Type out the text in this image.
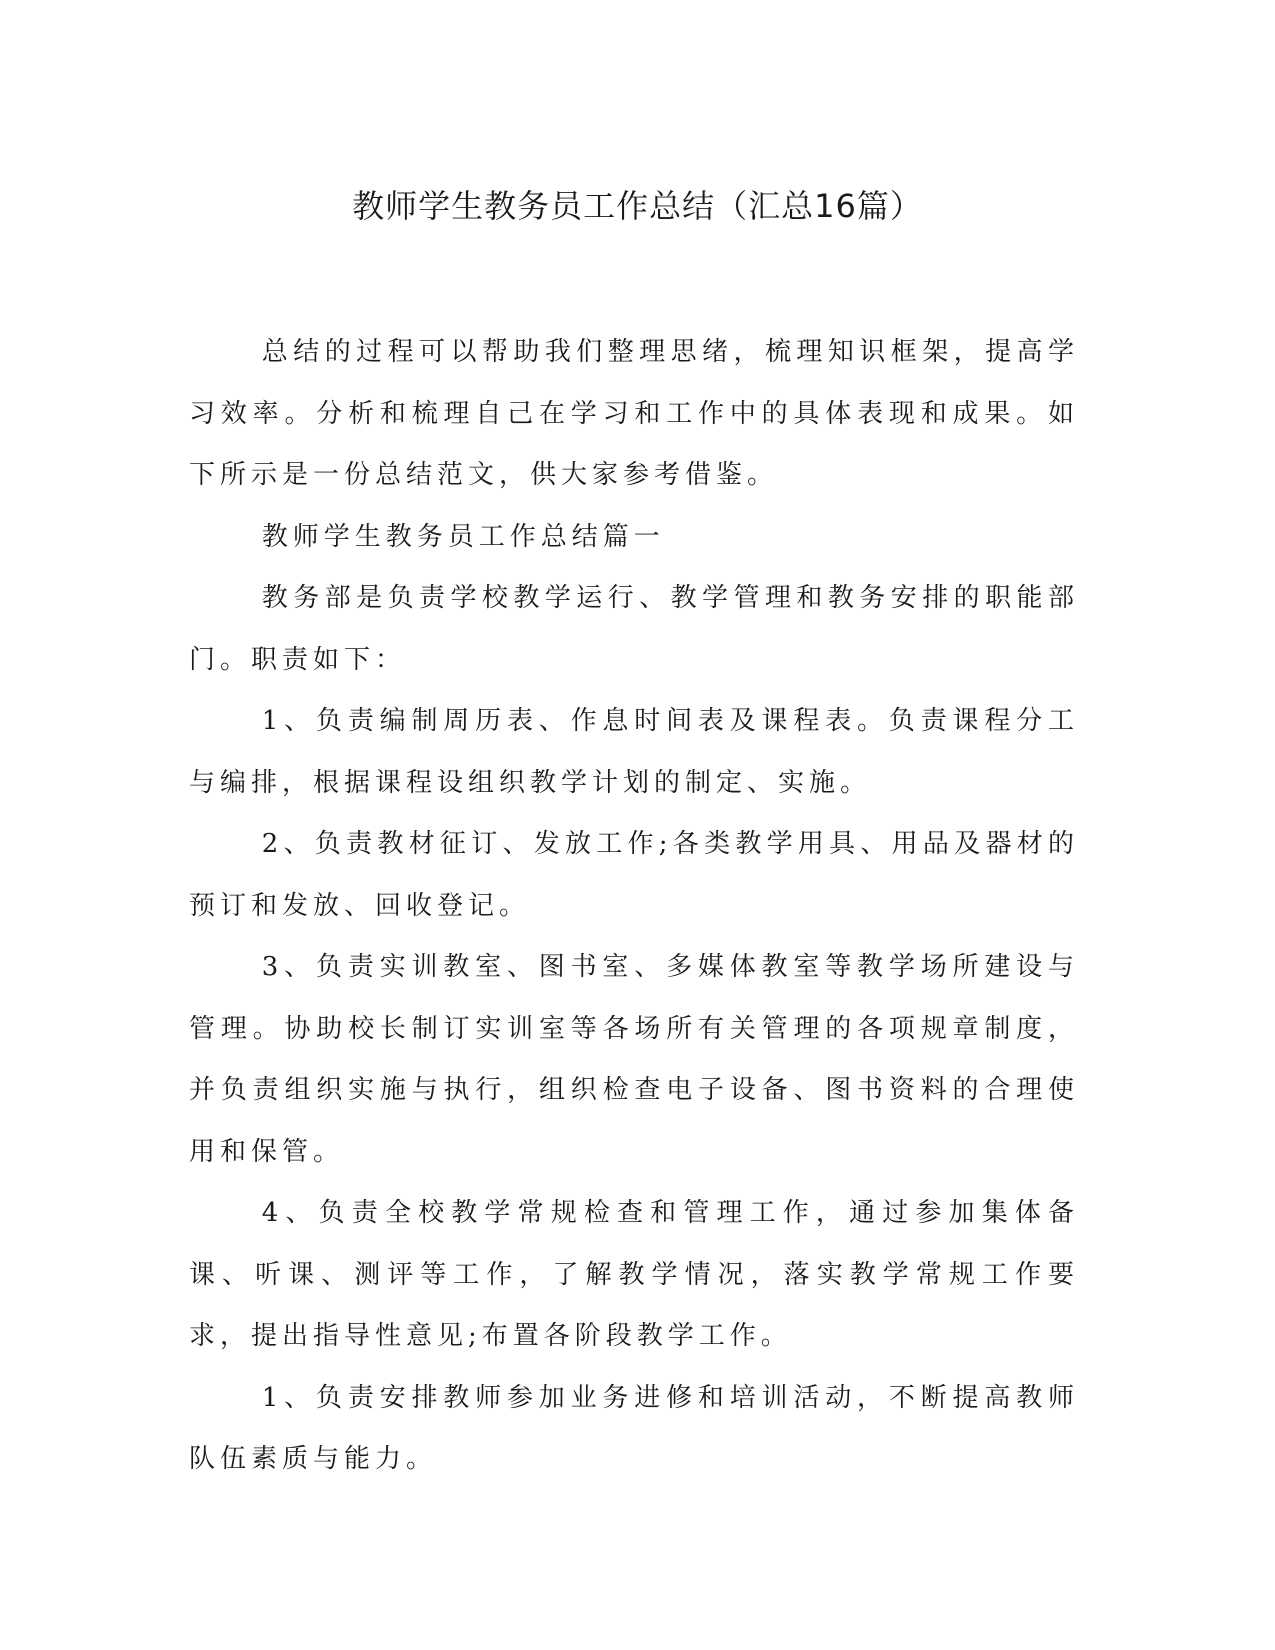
教师学生教务员工作总结（汇总16篇）

总结的过程可以帮助我们整理思绪，梳理知识框架，提高学习效率。分析和梳理自己在学习和工作中的具体表现和成果。如下所示是一份总结范文，供大家参考借鉴。

教师学生教务员工作总结篇一

教务部是负责学校教学运行、教学管理和教务安排的职能部门。职责如下：

1、负责编制周历表、作息时间表及课程表。负责课程分工与编排，根据课程设组织教学计划的制定、实施。

2、负责教材征订、发放工作;各类教学用具、用品及器材的预订和发放、回收登记。

3、负责实训教室、图书室、多媒体教室等教学场所建设与管理。协助校长制订实训室等各场所有关管理的各项规章制度，并负责组织实施与执行，组织检查电子设备、图书资料的合理使用和保管。

4、负责全校教学常规检查和管理工作，通过参加集体备课、听课、测评等工作，了解教学情况，落实教学常规工作要求，提出指导性意见;布置各阶段教学工作。

1、负责安排教师参加业务进修和培训活动，不断提高教师队伍素质与能力。
